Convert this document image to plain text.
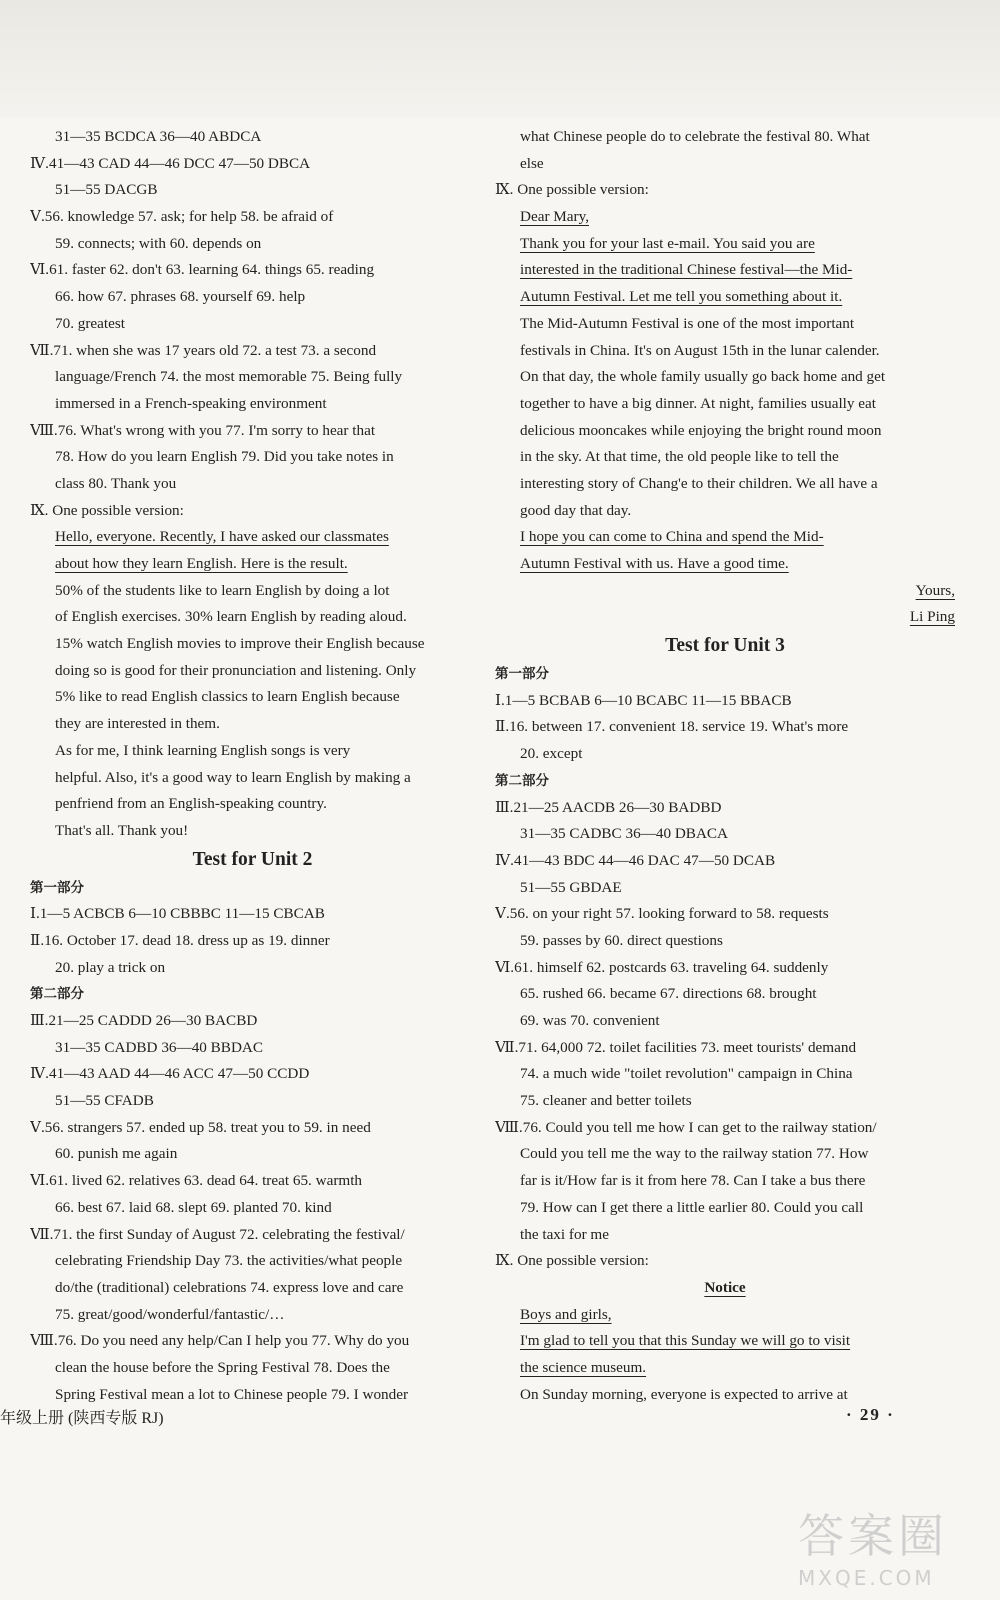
31—35 BCDCA 36—40 ABDCA
Ⅳ.41—43 CAD 44—46 DCC 47—50 DBCA
51—55 DACGB
Ⅴ.56. knowledge 57. ask; for help 58. be afraid of
59. connects; with 60. depends on
Ⅵ.61. faster 62. don't 63. learning 64. things 65. reading
66. how 67. phrases 68. yourself 69. help
70. greatest
Ⅶ.71. when she was 17 years old 72. a test 73. a second
language/French 74. the most memorable 75. Being fully
immersed in a French-speaking environment
Ⅷ.76. What's wrong with you 77. I'm sorry to hear that
78. How do you learn English 79. Did you take notes in
class 80. Thank you
Ⅸ. One possible version:
Hello, everyone. Recently, I have asked our classmates
about how they learn English. Here is the result.
50% of the students like to learn English by doing a lot
of English exercises. 30% learn English by reading aloud.
15% watch English movies to improve their English because
doing so is good for their pronunciation and listening. Only
5% like to read English classics to learn English because
they are interested in them.
As for me, I think learning English songs is very
helpful. Also, it's a good way to learn English by making a
penfriend from an English-speaking country.
That's all. Thank you!
Test for Unit 2
第一部分
Ⅰ.1—5 ACBCB 6—10 CBBBC 11—15 CBCAB
Ⅱ.16. October 17. dead 18. dress up as 19. dinner
20. play a trick on
第二部分
Ⅲ.21—25 CADDD 26—30 BACBD
31—35 CADBD 36—40 BBDAC
Ⅳ.41—43 AAD 44—46 ACC 47—50 CCDD
51—55 CFADB
Ⅴ.56. strangers 57. ended up 58. treat you to 59. in need
60. punish me again
Ⅵ.61. lived 62. relatives 63. dead 64. treat 65. warmth
66. best 67. laid 68. slept 69. planted 70. kind
Ⅶ.71. the first Sunday of August 72. celebrating the festival/
celebrating Friendship Day 73. the activities/what people
do/the (traditional) celebrations 74. express love and care
75. great/good/wonderful/fantastic/…
Ⅷ.76. Do you need any help/Can I help you 77. Why do you
clean the house before the Spring Festival 78. Does the
Spring Festival mean a lot to Chinese people 79. I wonder
what Chinese people do to celebrate the festival 80. What
else
Ⅸ. One possible version:
Dear Mary,
Thank you for your last e-mail. You said you are
interested in the traditional Chinese festival—the Mid-
Autumn Festival. Let me tell you something about it.
The Mid-Autumn Festival is one of the most important
festivals in China. It's on August 15th in the lunar calender.
On that day, the whole family usually go back home and get
together to have a big dinner. At night, families usually eat
delicious mooncakes while enjoying the bright round moon
in the sky. At that time, the old people like to tell the
interesting story of Chang'e to their children. We all have a
good day that day.
I hope you can come to China and spend the Mid-
Autumn Festival with us. Have a good time.
Yours,
Li Ping
Test for Unit 3
第一部分
Ⅰ.1—5 BCBAB 6—10 BCABC 11—15 BBACB
Ⅱ.16. between 17. convenient 18. service 19. What's more
20. except
第二部分
Ⅲ.21—25 AACDB 26—30 BADBD
31—35 CADBC 36—40 DBACA
Ⅳ.41—43 BDC 44—46 DAC 47—50 DCAB
51—55 GBDAE
Ⅴ.56. on your right 57. looking forward to 58. requests
59. passes by 60. direct questions
Ⅵ.61. himself 62. postcards 63. traveling 64. suddenly
65. rushed 66. became 67. directions 68. brought
69. was 70. convenient
Ⅶ.71. 64,000 72. toilet facilities 73. meet tourists' demand
74. a much wide "toilet revolution" campaign in China
75. cleaner and better toilets
Ⅷ.76. Could you tell me how I can get to the railway station/
Could you tell me the way to the railway station 77. How
far is it/How far is it from here 78. Can I take a bus there
79. How can I get there a little earlier 80. Could you call
the taxi for me
Ⅸ. One possible version:
Notice
Boys and girls,
I'm glad to tell you that this Sunday we will go to visit
the science museum.
On Sunday morning, everyone is expected to arrive at
年级上册 (陕西专版 RJ)	· 29 ·
答案圈
MXQE.COM
